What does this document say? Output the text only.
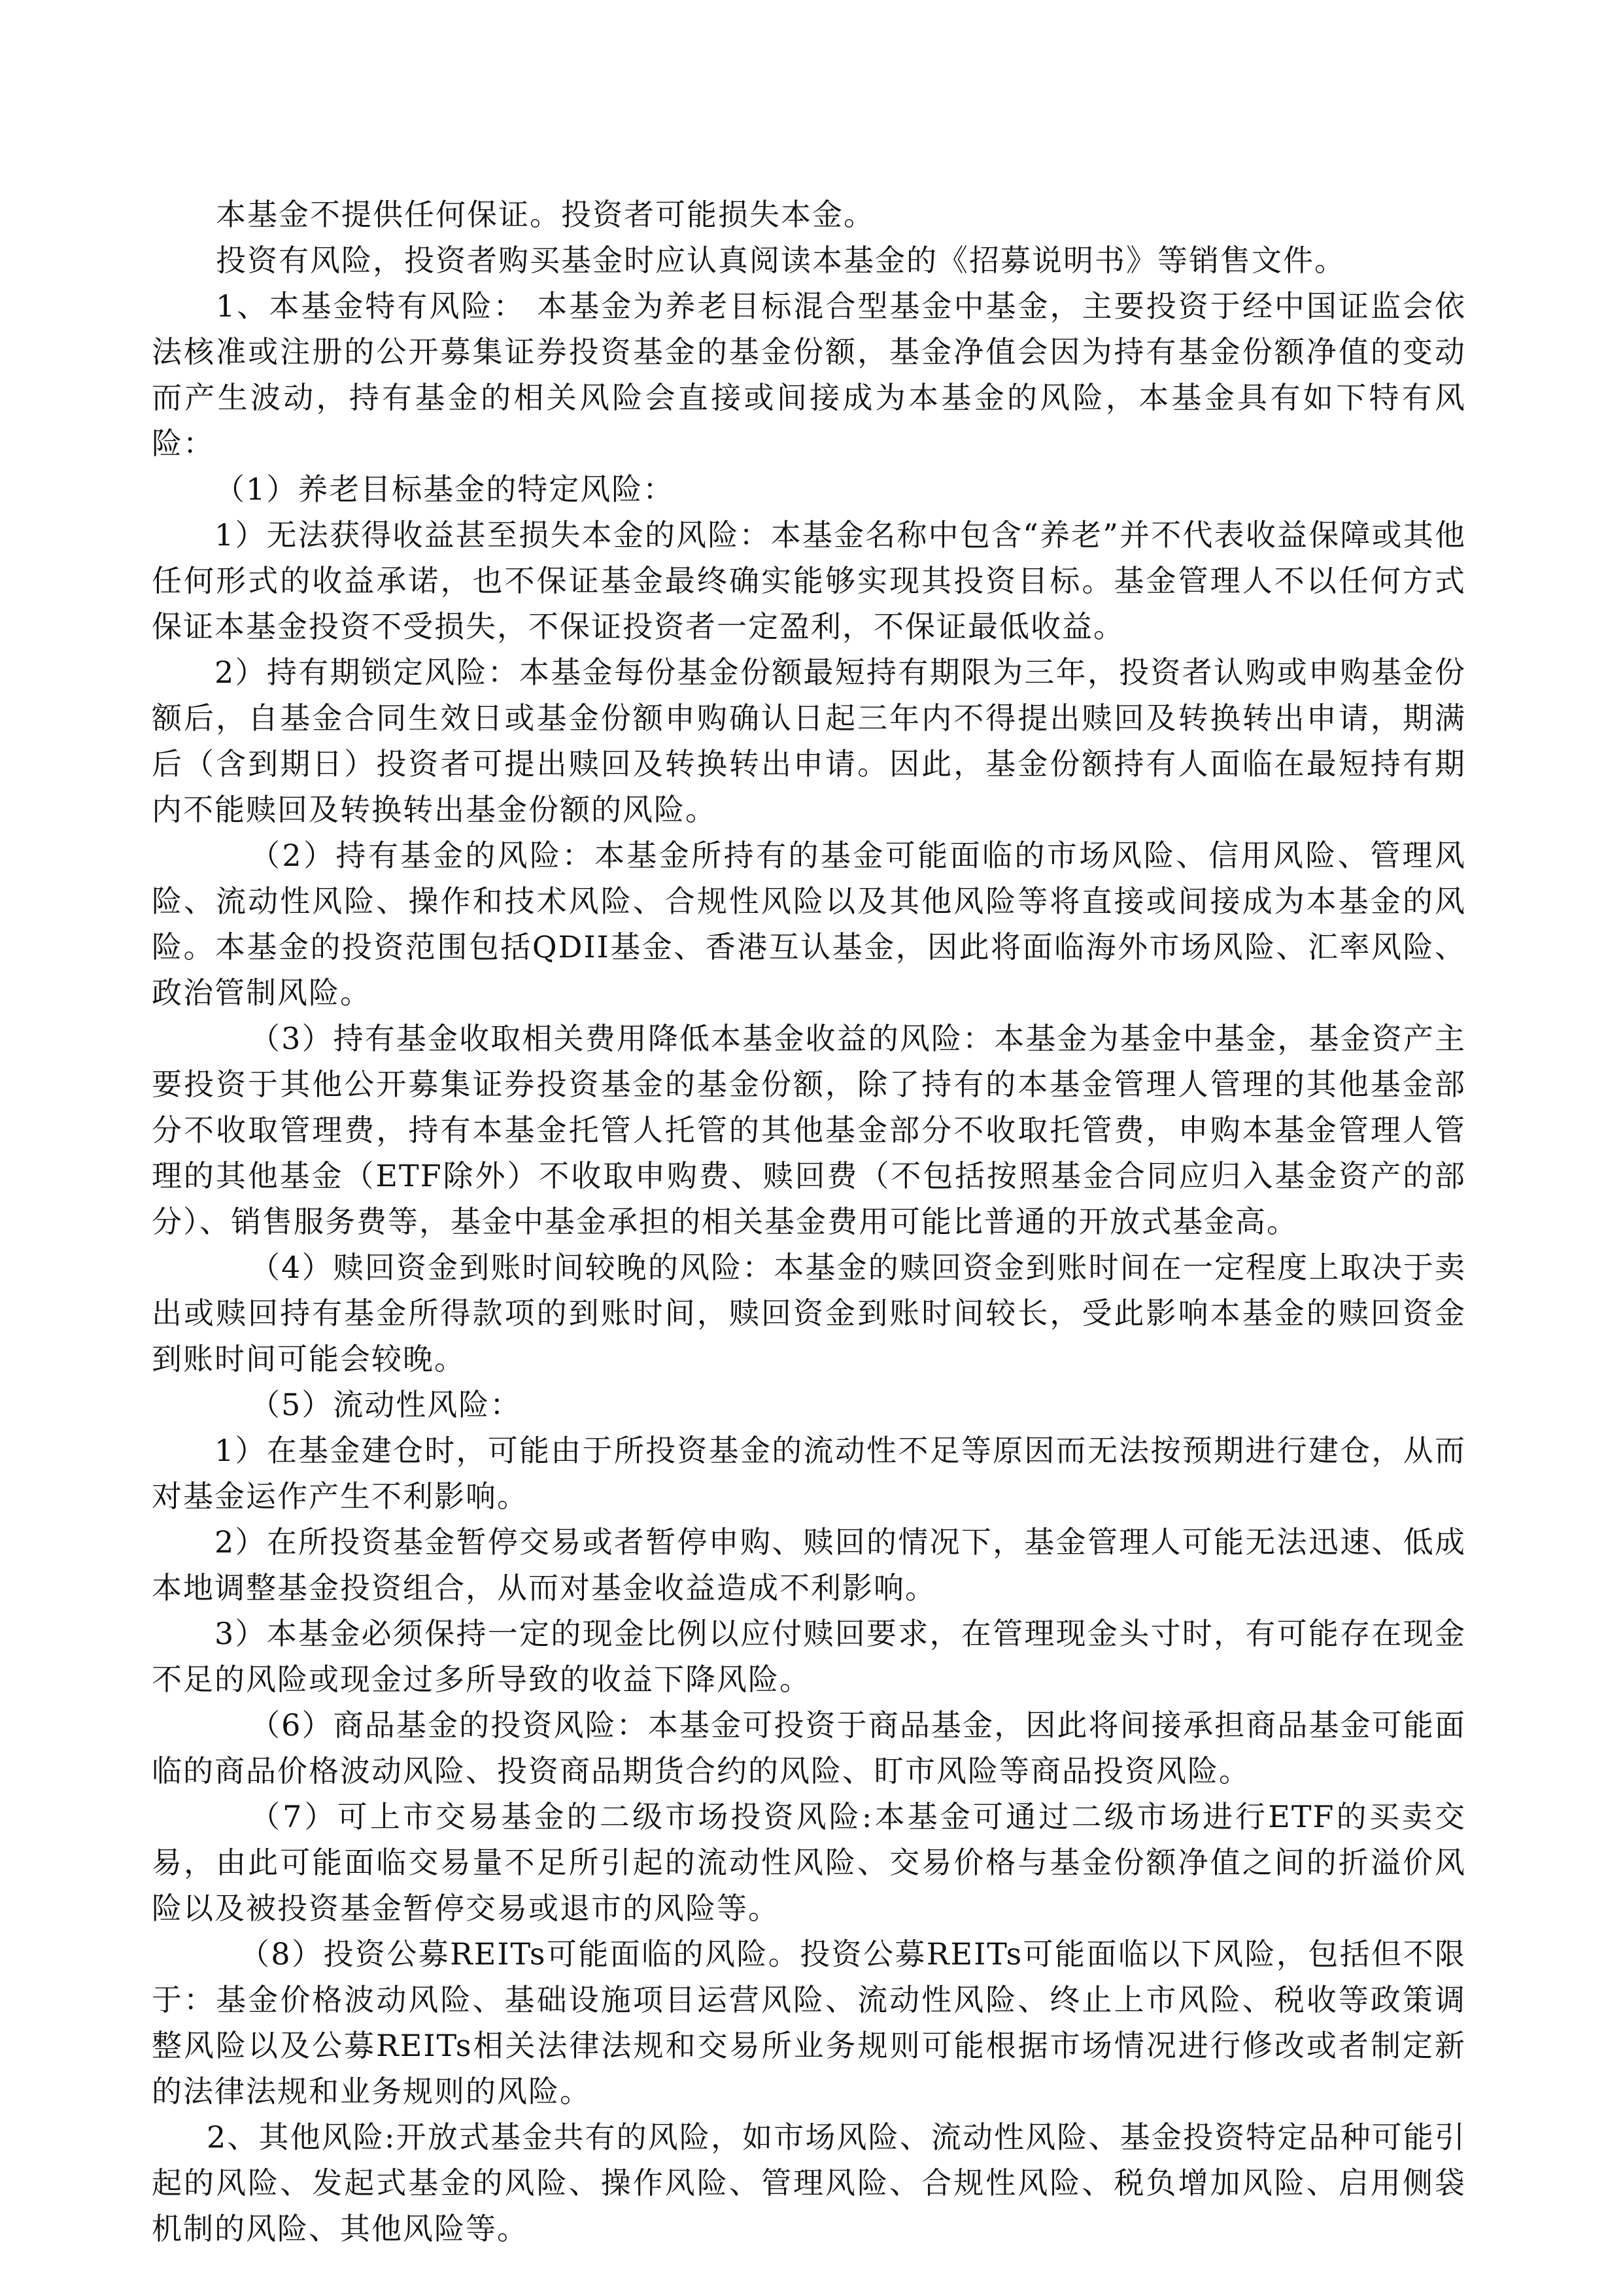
本基金不提供任何保证。投资者可能损失本金。

投资有风险，投资者购买基金时应认真阅读本基金的《招募说明书》等销售文件。

1、本基金特有风险： 本基金为养老目标混合型基金中基金，主要投资于经中国证监会依法核准或注册的公开募集证券投资基金的基金份额，基金净值会因为持有基金份额净值的变动而产生波动，持有基金的相关风险会直接或间接成为本基金的风险，本基金具有如下特有风险：

（1）养老目标基金的特定风险：

1）无法获得收益甚至损失本金的风险：本基金名称中包含“养老”并不代表收益保障或其他任何形式的收益承诺，也不保证基金最终确实能够实现其投资目标。基金管理人不以任何方式保证本基金投资不受损失，不保证投资者一定盈利，不保证最低收益。

2）持有期锁定风险：本基金每份基金份额最短持有期限为三年，投资者认购或申购基金份额后，自基金合同生效日或基金份额申购确认日起三年内不得提出赎回及转换转出申请，期满后（含到期日）投资者可提出赎回及转换转出申请。因此，基金份额持有人面临在最短持有期内不能赎回及转换转出基金份额的风险。

（2）持有基金的风险：本基金所持有的基金可能面临的市场风险、信用风险、管理风险、流动性风险、操作和技术风险、合规性风险以及其他风险等将直接或间接成为本基金的风险。本基金的投资范围包括QDII基金、香港互认基金，因此将面临海外市场风险、汇率风险、政治管制风险。

（3）持有基金收取相关费用降低本基金收益的风险：本基金为基金中基金，基金资产主要投资于其他公开募集证券投资基金的基金份额，除了持有的本基金管理人管理的其他基金部分不收取管理费，持有本基金托管人托管的其他基金部分不收取托管费，申购本基金管理人管理的其他基金（ETF除外）不收取申购费、赎回费（不包括按照基金合同应归入基金资产的部分）、销售服务费等，基金中基金承担的相关基金费用可能比普通的开放式基金高。

（4）赎回资金到账时间较晚的风险：本基金的赎回资金到账时间在一定程度上取决于卖出或赎回持有基金所得款项的到账时间，赎回资金到账时间较长，受此影响本基金的赎回资金到账时间可能会较晚。

（5）流动性风险：

1）在基金建仓时，可能由于所投资基金的流动性不足等原因而无法按预期进行建仓，从而对基金运作产生不利影响。

2）在所投资基金暂停交易或者暂停申购、赎回的情况下，基金管理人可能无法迅速、低成本地调整基金投资组合，从而对基金收益造成不利影响。

3）本基金必须保持一定的现金比例以应付赎回要求，在管理现金头寸时，有可能存在现金不足的风险或现金过多所导致的收益下降风险。

（6）商品基金的投资风险：本基金可投资于商品基金，因此将间接承担商品基金可能面临的商品价格波动风险、投资商品期货合约的风险、盯市风险等商品投资风险。

（7）可上市交易基金的二级市场投资风险:本基金可通过二级市场进行ETF的买卖交易，由此可能面临交易量不足所引起的流动性风险、交易价格与基金份额净值之间的折溢价风险以及被投资基金暂停交易或退市的风险等。

（8）投资公募REITs可能面临的风险。投资公募REITs可能面临以下风险，包括但不限于：基金价格波动风险、基础设施项目运营风险、流动性风险、终止上市风险、税收等政策调整风险以及公募REITs相关法律法规和交易所业务规则可能根据市场情况进行修改或者制定新的法律法规和业务规则的风险。

2、其他风险:开放式基金共有的风险，如市场风险、流动性风险、基金投资特定品种可能引起的风险、发起式基金的风险、操作风险、管理风险、合规性风险、税负增加风险、启用侧袋机制的风险、其他风险等。
